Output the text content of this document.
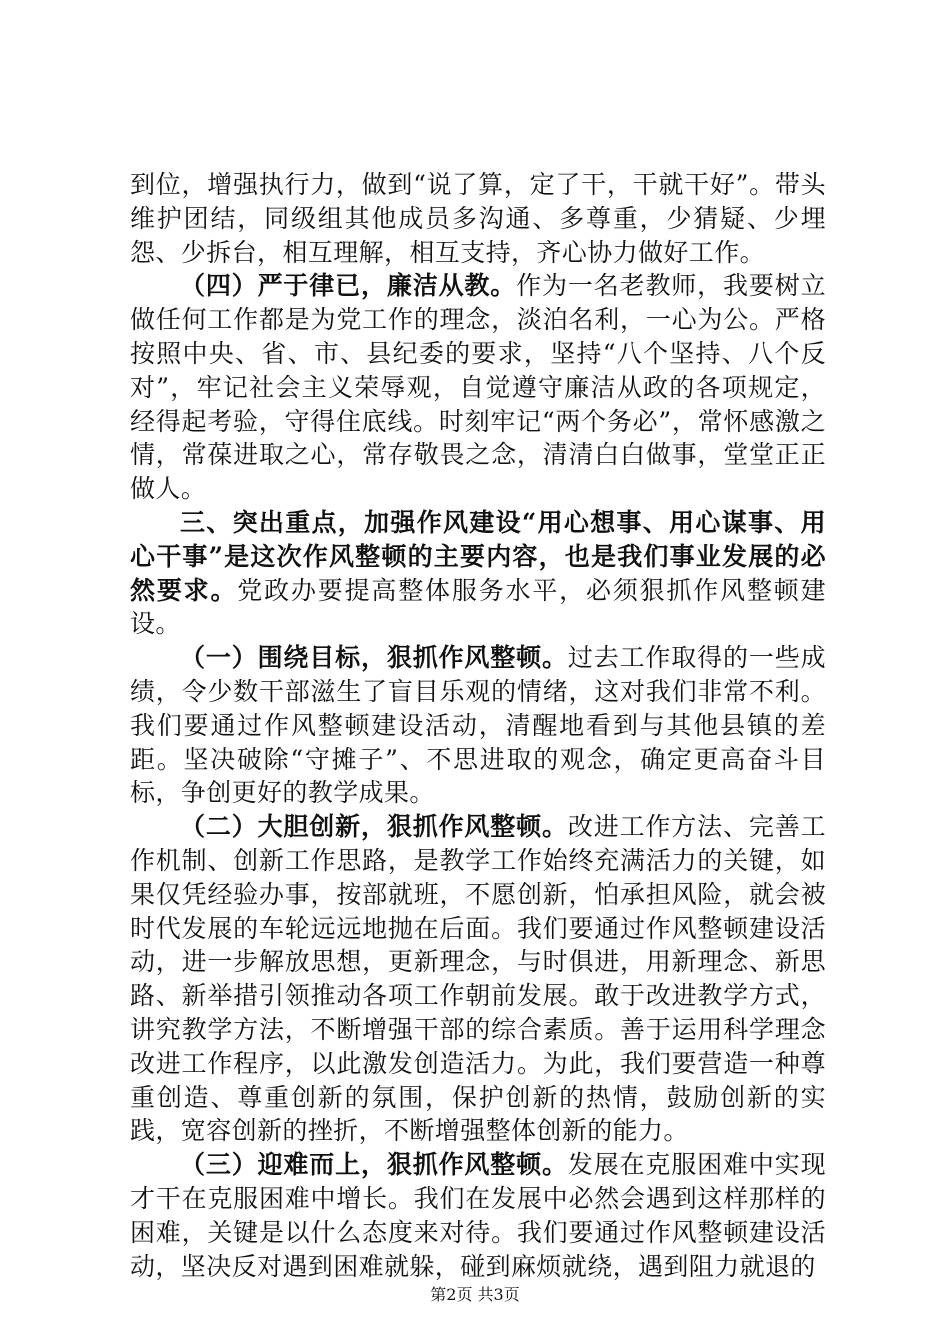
到位，增强执行力，做到“说了算，定了干，干就干好”。带头维护团结，同级组其他成员多沟通、多尊重，少猜疑、少埋怨、少拆台，相互理解，相互支持，齐心协力做好工作。

（四）严于律已，廉洁从教。作为一名老教师，我要树立做任何工作都是为党工作的理念，淡泊名利，一心为公。严格按照中央、省、市、县纪委的要求，坚持“八个坚持、八个反对”，牢记社会主义荣辱观，自觉遵守廉洁从政的各项规定，经得起考验，守得住底线。时刻牢记“两个务必”，常怀感激之情，常葆进取之心，常存敬畏之念，清清白白做事，堂堂正正做人。

三、突出重点，加强作风建设“用心想事、用心谋事、用心干事”是这次作风整顿的主要内容，也是我们事业发展的必然要求。党政办要提高整体服务水平，必须狠抓作风整顿建设。

（一）围绕目标，狠抓作风整顿。过去工作取得的一些成绩，令少数干部滋生了盲目乐观的情绪，这对我们非常不利。我们要通过作风整顿建设活动，清醒地看到与其他县镇的差距。坚决破除“守摊子”、不思进取的观念，确定更高奋斗目标，争创更好的教学成果。

（二）大胆创新，狠抓作风整顿。改进工作方法、完善工作机制、创新工作思路，是教学工作始终充满活力的关键，如果仅凭经验办事，按部就班，不愿创新，怕承担风险，就会被时代发展的车轮远远地抛在后面。我们要通过作风整顿建设活动，进一步解放思想，更新理念，与时俱进，用新理念、新思路、新举措引领推动各项工作朝前发展。敢于改进教学方式，讲究教学方法，不断增强干部的综合素质。善于运用科学理念改进工作程序，以此激发创造活力。为此，我们要营造一种尊重创造、尊重创新的氛围，保护创新的热情，鼓励创新的实践，宽容创新的挫折，不断增强整体创新的能力。

（三）迎难而上，狠抓作风整顿。发展在克服困难中实现才干在克服困难中增长。我们在发展中必然会遇到这样那样的困难，关键是以什么态度来对待。我们要通过作风整顿建设活动，坚决反对遇到困难就躲，碰到麻烦就绕，遇到阻力就退的

第2页 共3页
